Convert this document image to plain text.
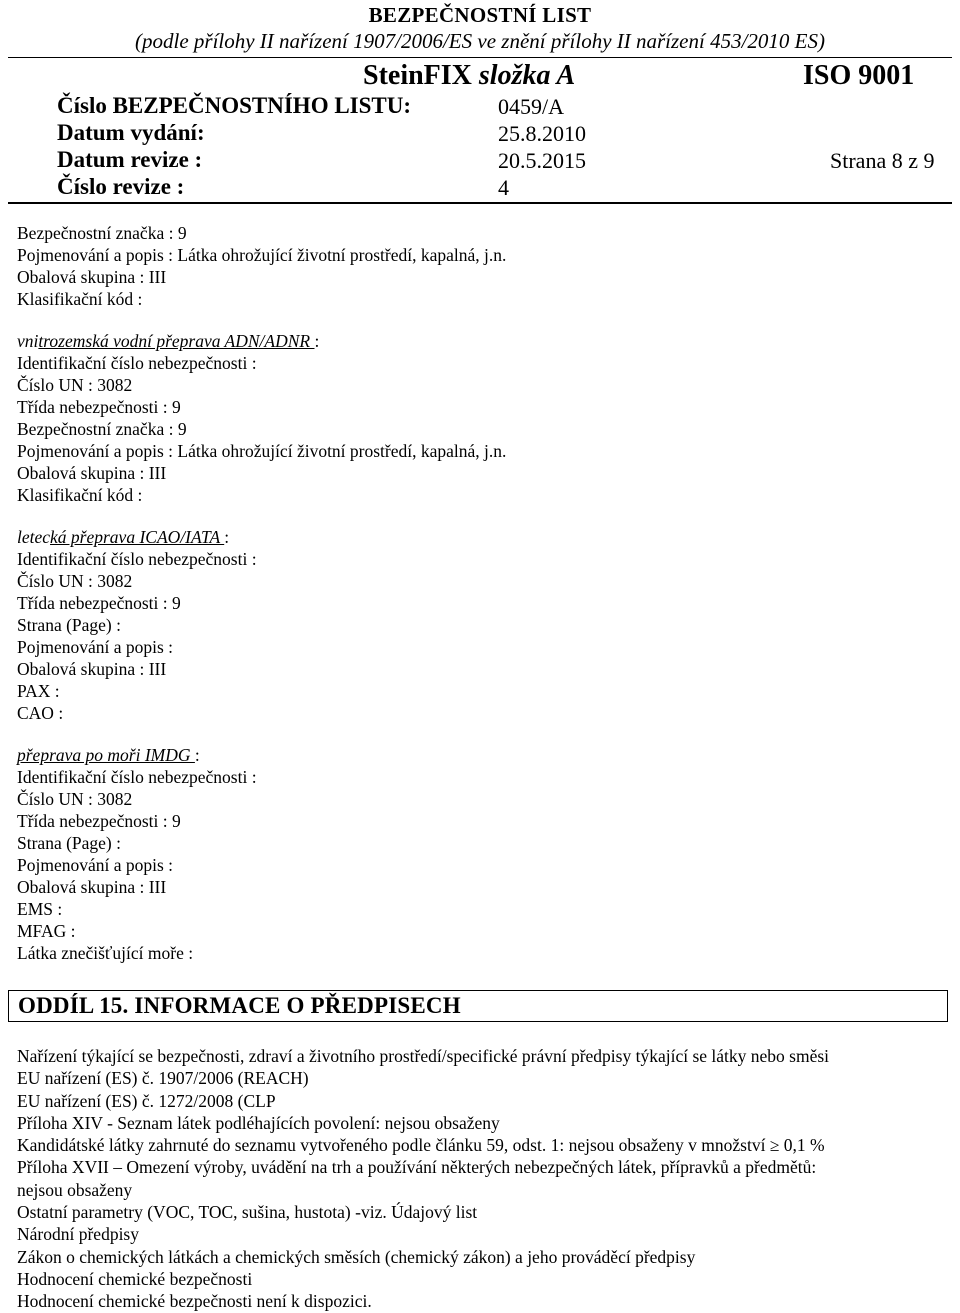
BEZPEČNOSTNÍ LIST
(podle přílohy II nařízení 1907/2006/ES ve znění přílohy II nařízení 453/2010 ES)
SteinFIX složka A	ISO 9001
Číslo BEZPEČNOSTNÍHO LISTU:	0459/A
Datum vydání:	25.8.2010
Datum revize :	20.5.2015	Strana 8 z 9
Číslo revize :	4
Bezpečnostní značka : 9
Pojmenování a popis : Látka ohrožující životní prostředí, kapalná, j.n.
Obalová skupina : III
Klasifikační kód :
vnitrozemská vodní přeprava ADN/ADNR :
Identifikační číslo nebezpečnosti :
Číslo UN : 3082
Třída nebezpečnosti : 9
Bezpečnostní značka : 9
Pojmenování a popis : Látka ohrožující životní prostředí, kapalná, j.n.
Obalová skupina : III
Klasifikační kód :
letecká přeprava ICAO/IATA :
Identifikační číslo nebezpečnosti :
Číslo UN : 3082
Třída nebezpečnosti : 9
Strana (Page) :
Pojmenování a popis :
Obalová skupina : III
PAX :
CAO :
přeprava po moři IMDG :
Identifikační číslo nebezpečnosti :
Číslo UN : 3082
Třída nebezpečnosti : 9
Strana (Page) :
Pojmenování a popis :
Obalová skupina : III
EMS :
MFAG :
Látka znečišťující moře :
ODDÍL 15. INFORMACE O PŘEDPISECH
Nařízení týkající se bezpečnosti, zdraví a životního prostředí/specifické právní předpisy týkající se látky nebo směsi
EU nařízení (ES) č. 1907/2006 (REACH)
EU nařízení (ES) č. 1272/2008 (CLP
Příloha XIV - Seznam látek podléhajících povolení: nejsou obsaženy
Kandidátské látky zahrnuté do seznamu vytvořeného podle článku 59, odst. 1: nejsou obsaženy v množství ≥ 0,1 %
Příloha XVII – Omezení výroby, uvádění na trh a používání některých nebezpečných látek, přípravků a předmětů:
nejsou obsaženy
Ostatní parametry (VOC, TOC, sušina, hustota) -viz. Údajový list
Národní předpisy
Zákon o chemických látkách a chemických směsích (chemický zákon) a jeho prováděcí předpisy
Hodnocení chemické bezpečnosti
Hodnocení chemické bezpečnosti není k dispozici.
